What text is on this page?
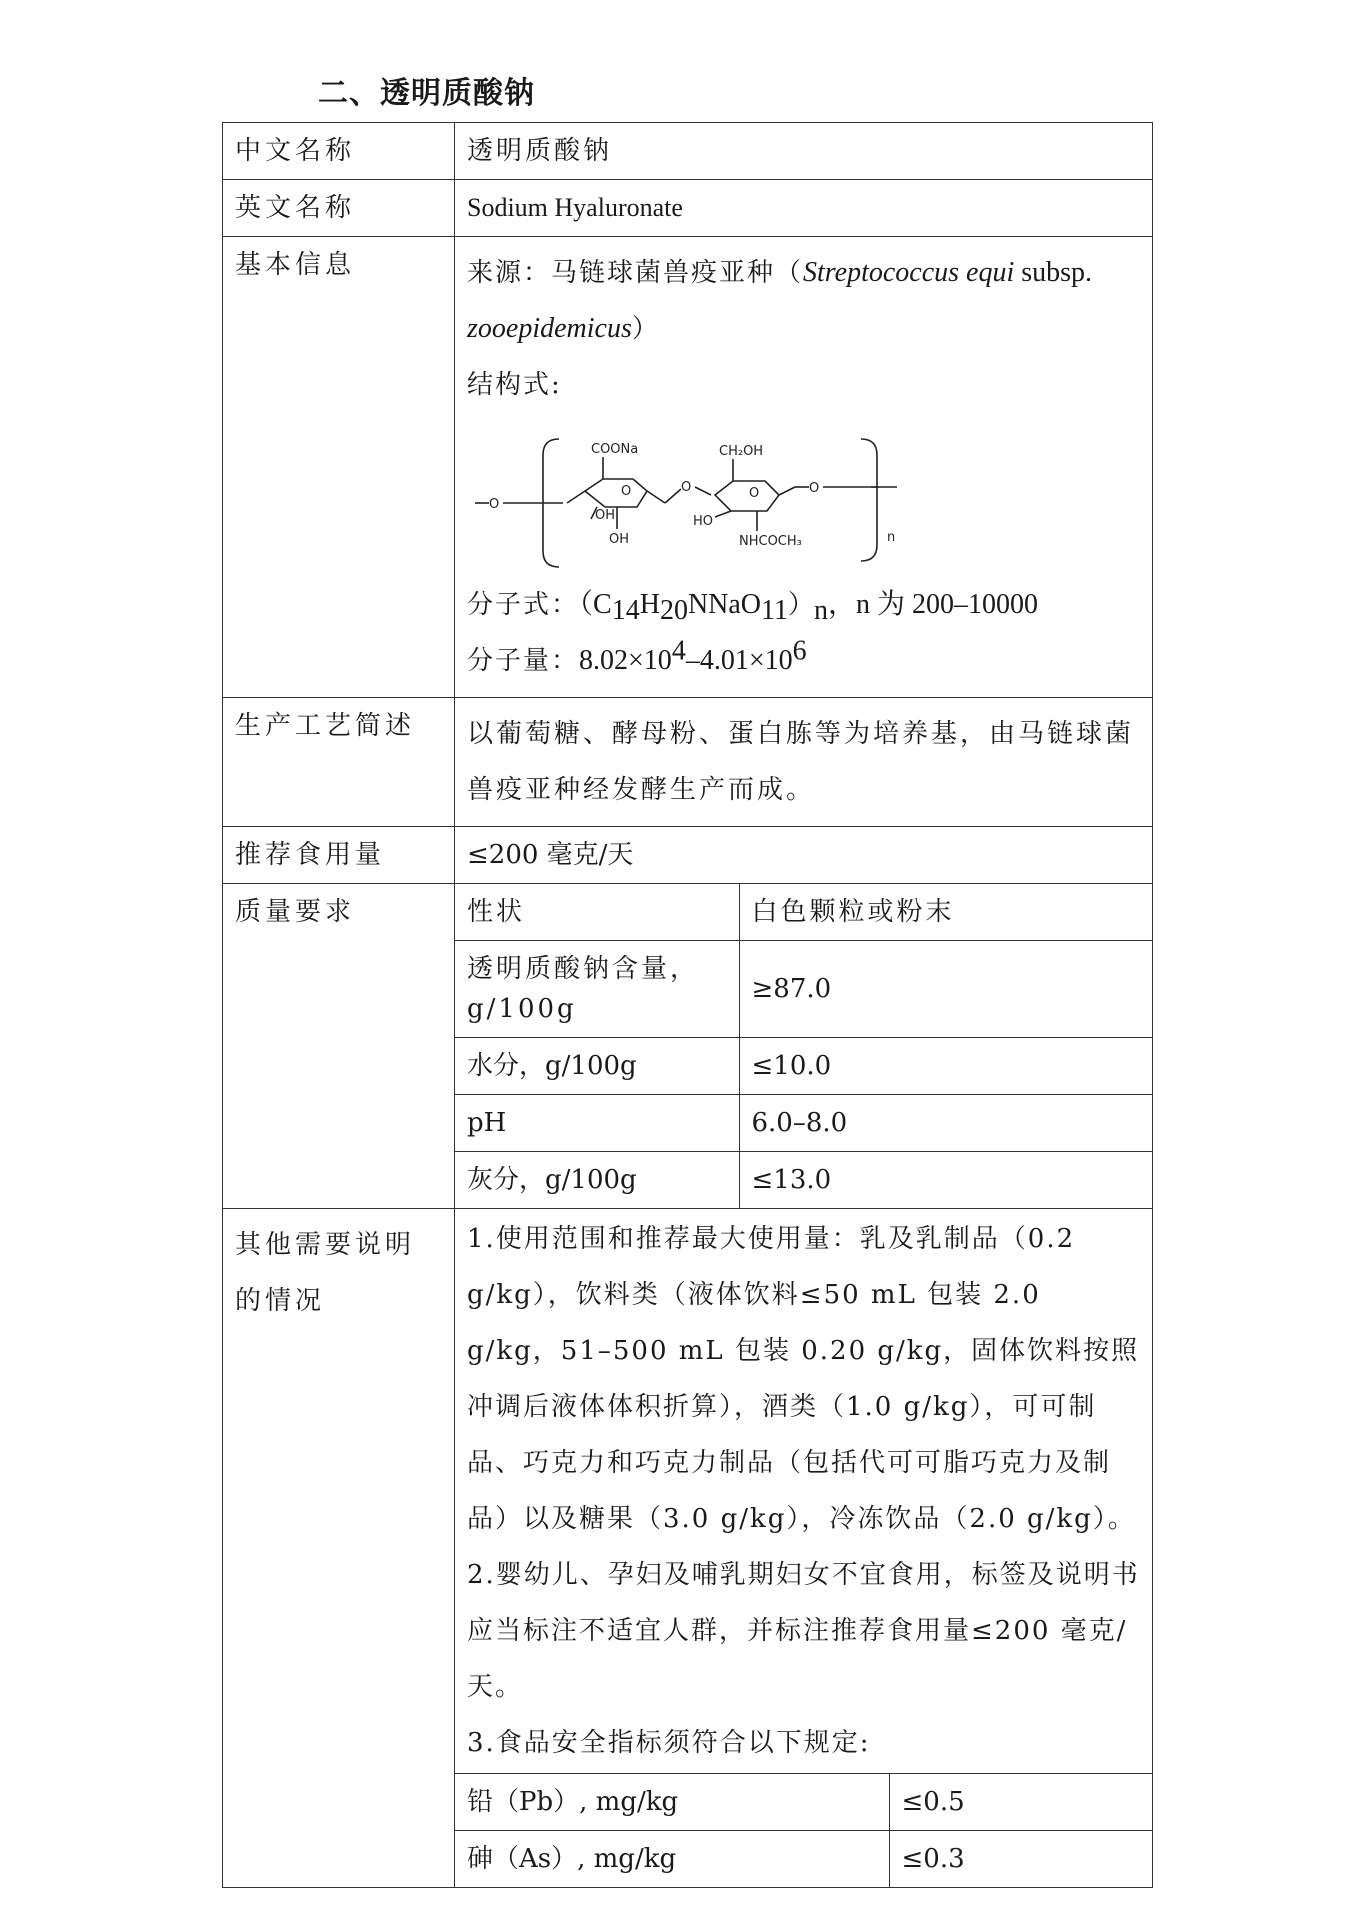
二、透明质酸钠
中文名称	透明质酸钠
英文名称	Sodium Hyaluronate
基本信息	来源：马链球菌兽疫亚种（Streptococcus equi subsp.
zooepidemicus）
结构式:
O
COONa
O
OH
OH
O
CH₂OH
O
HO
NHCOCH₃
O
n
分子式：$(C_{14}H_{20}NNaO_{11})_n$，n 为 200–10000
分子量：$8.02\times 10^4-4.01\times 10^6$

生产工艺简述	以葡萄糖、酵母粉、蛋白胨等为培养基，由马链球菌兽疫亚种经发酵生产而成。
推荐食用量	≤200 毫克/天
质量要求		性状	白色颗粒或粉末
透明质酸钠含量，g/100g	≥87.0
水分，g/100g	≤10.0
pH	6.0–8.0
灰分，g/100g	≤13.0

其他需要说明的情况	
1.使用范围和推荐最大使用量：乳及乳制品（0.2 g/kg），饮料类（液体饮料≤50 mL 包装 2.0 g/kg，51–500 mL 包装 0.20 g/kg，固体饮料按照冲调后液体体积折算），酒类（1.0 g/kg），可可制品、巧克力和巧克力制品（包括代可可脂巧克力及制品）以及糖果（3.0 g/kg），冷冻饮品（2.0 g/kg）。
2.婴幼儿、孕妇及哺乳期妇女不宜食用，标签及说明书应当标注不适宜人群，并标注推荐食用量≤200 毫克/天。
3.食品安全指标须符合以下规定:
铅（Pb）, mg/kg	≤0.5
砷（As）, mg/kg	≤0.3
